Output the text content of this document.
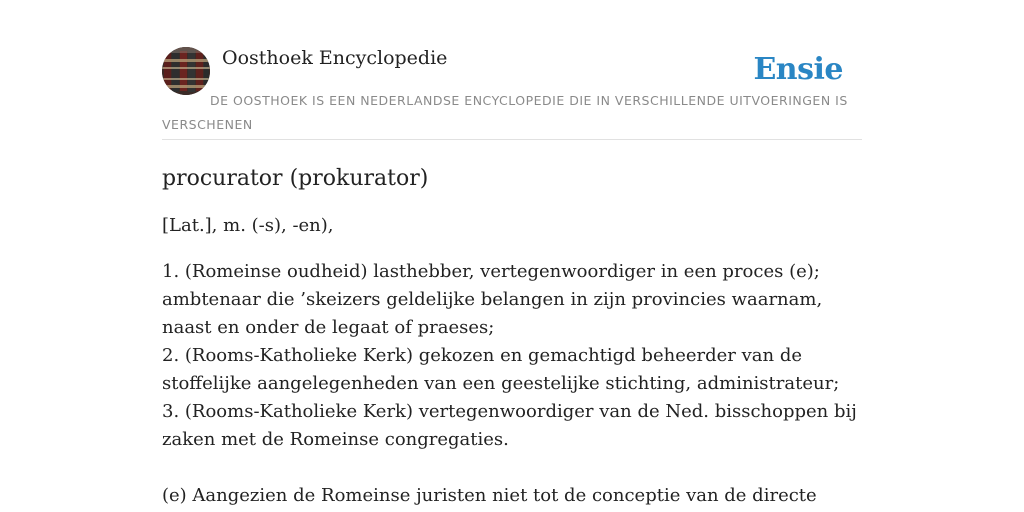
Oosthoek Encyclopedie	Ensie
DE OOSTHOEK IS EEN NEDERLANDSE ENCYCLOPEDIE DIE IN VERSCHILLENDE UITVOERINGEN IS VERSCHENEN
procurator (prokurator)

[Lat.], m. (-s), -en),

1. (Romeinse oudheid) lasthebber, vertegenwoordiger in een proces (e); ambtenaar die ’skeizers geldelijke belangen in zijn provincies waarnam, naast en onder de legaat of praeses;
2. (Rooms-Katholieke Kerk) gekozen en gemachtigd beheerder van de stoffelijke aangelegenheden van een geestelijke stichting, administrateur;
3. (Rooms-Katholieke Kerk) vertegenwoordiger van de Ned. bisschoppen bij zaken met de Romeinse congregaties.

(e) Aangezien de Romeinse juristen niet tot de conceptie van de directe
